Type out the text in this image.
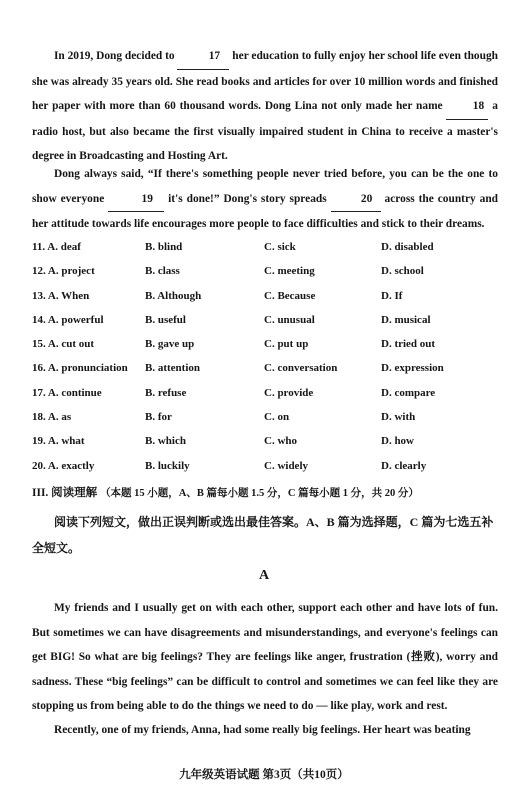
In 2019, Dong decided to	17 her education to fully enjoy her school life even though she was already 35 years old. She read books and articles for over 10 million words and finished her paper with more than 60 thousand words. Dong Lina not only made her name	18 a radio host, but also became the first visually impaired student in China to receive a master's degree in Broadcasting and Hosting Art.

Dong always said, “If there's something people never tried before, you can be the one to show everyone	19 it's done!” Dong's story spreads	20 across the country and her attitude towards life encourages more people to face difficulties and stick to their dreams.

11. A. deaf	B. blind	C. sick	D. disabled
12. A. project	B. class	C. meeting	D. school
13. A. When	B. Although	C. Because	D. If
14. A. powerful	B. useful	C. unusual	D. musical
15. A. cut out	B. gave up	C. put up	D. tried out
16. A. pronunciation B. attention	C. conversation	D. expression
17. A. continue	B. refuse	C. provide	D. compare
18. A. as	B. for	C. on	D. with
19. A. what	B. which	C. who	D. how
20. A. exactly	B. luckily	C. widely	D. clearly
III. 阅读理解 （本题 15 小题，A、B 篇每小题 1.5 分，C 篇每小题 1 分，共 20 分）
阅读下列短文，做出正误判断或选出最佳答案。A、B 篇为选择题，C 篇为七选五补全短文。
A

My friends and I usually get on with each other, support each other and have lots of fun. But sometimes we can have disagreements and misunderstandings, and everyone's feelings can get BIG! So what are big feelings? They are feelings like anger, frustration (挫败), worry and sadness. These “big feelings” can be difficult to control and sometimes we can feel like they are stopping us from being able to do the things we need to do — like play, work and rest.

Recently, one of my friends, Anna, had some really big feelings. Her heart was beating

九年级英语试题 第3页（共10页）
